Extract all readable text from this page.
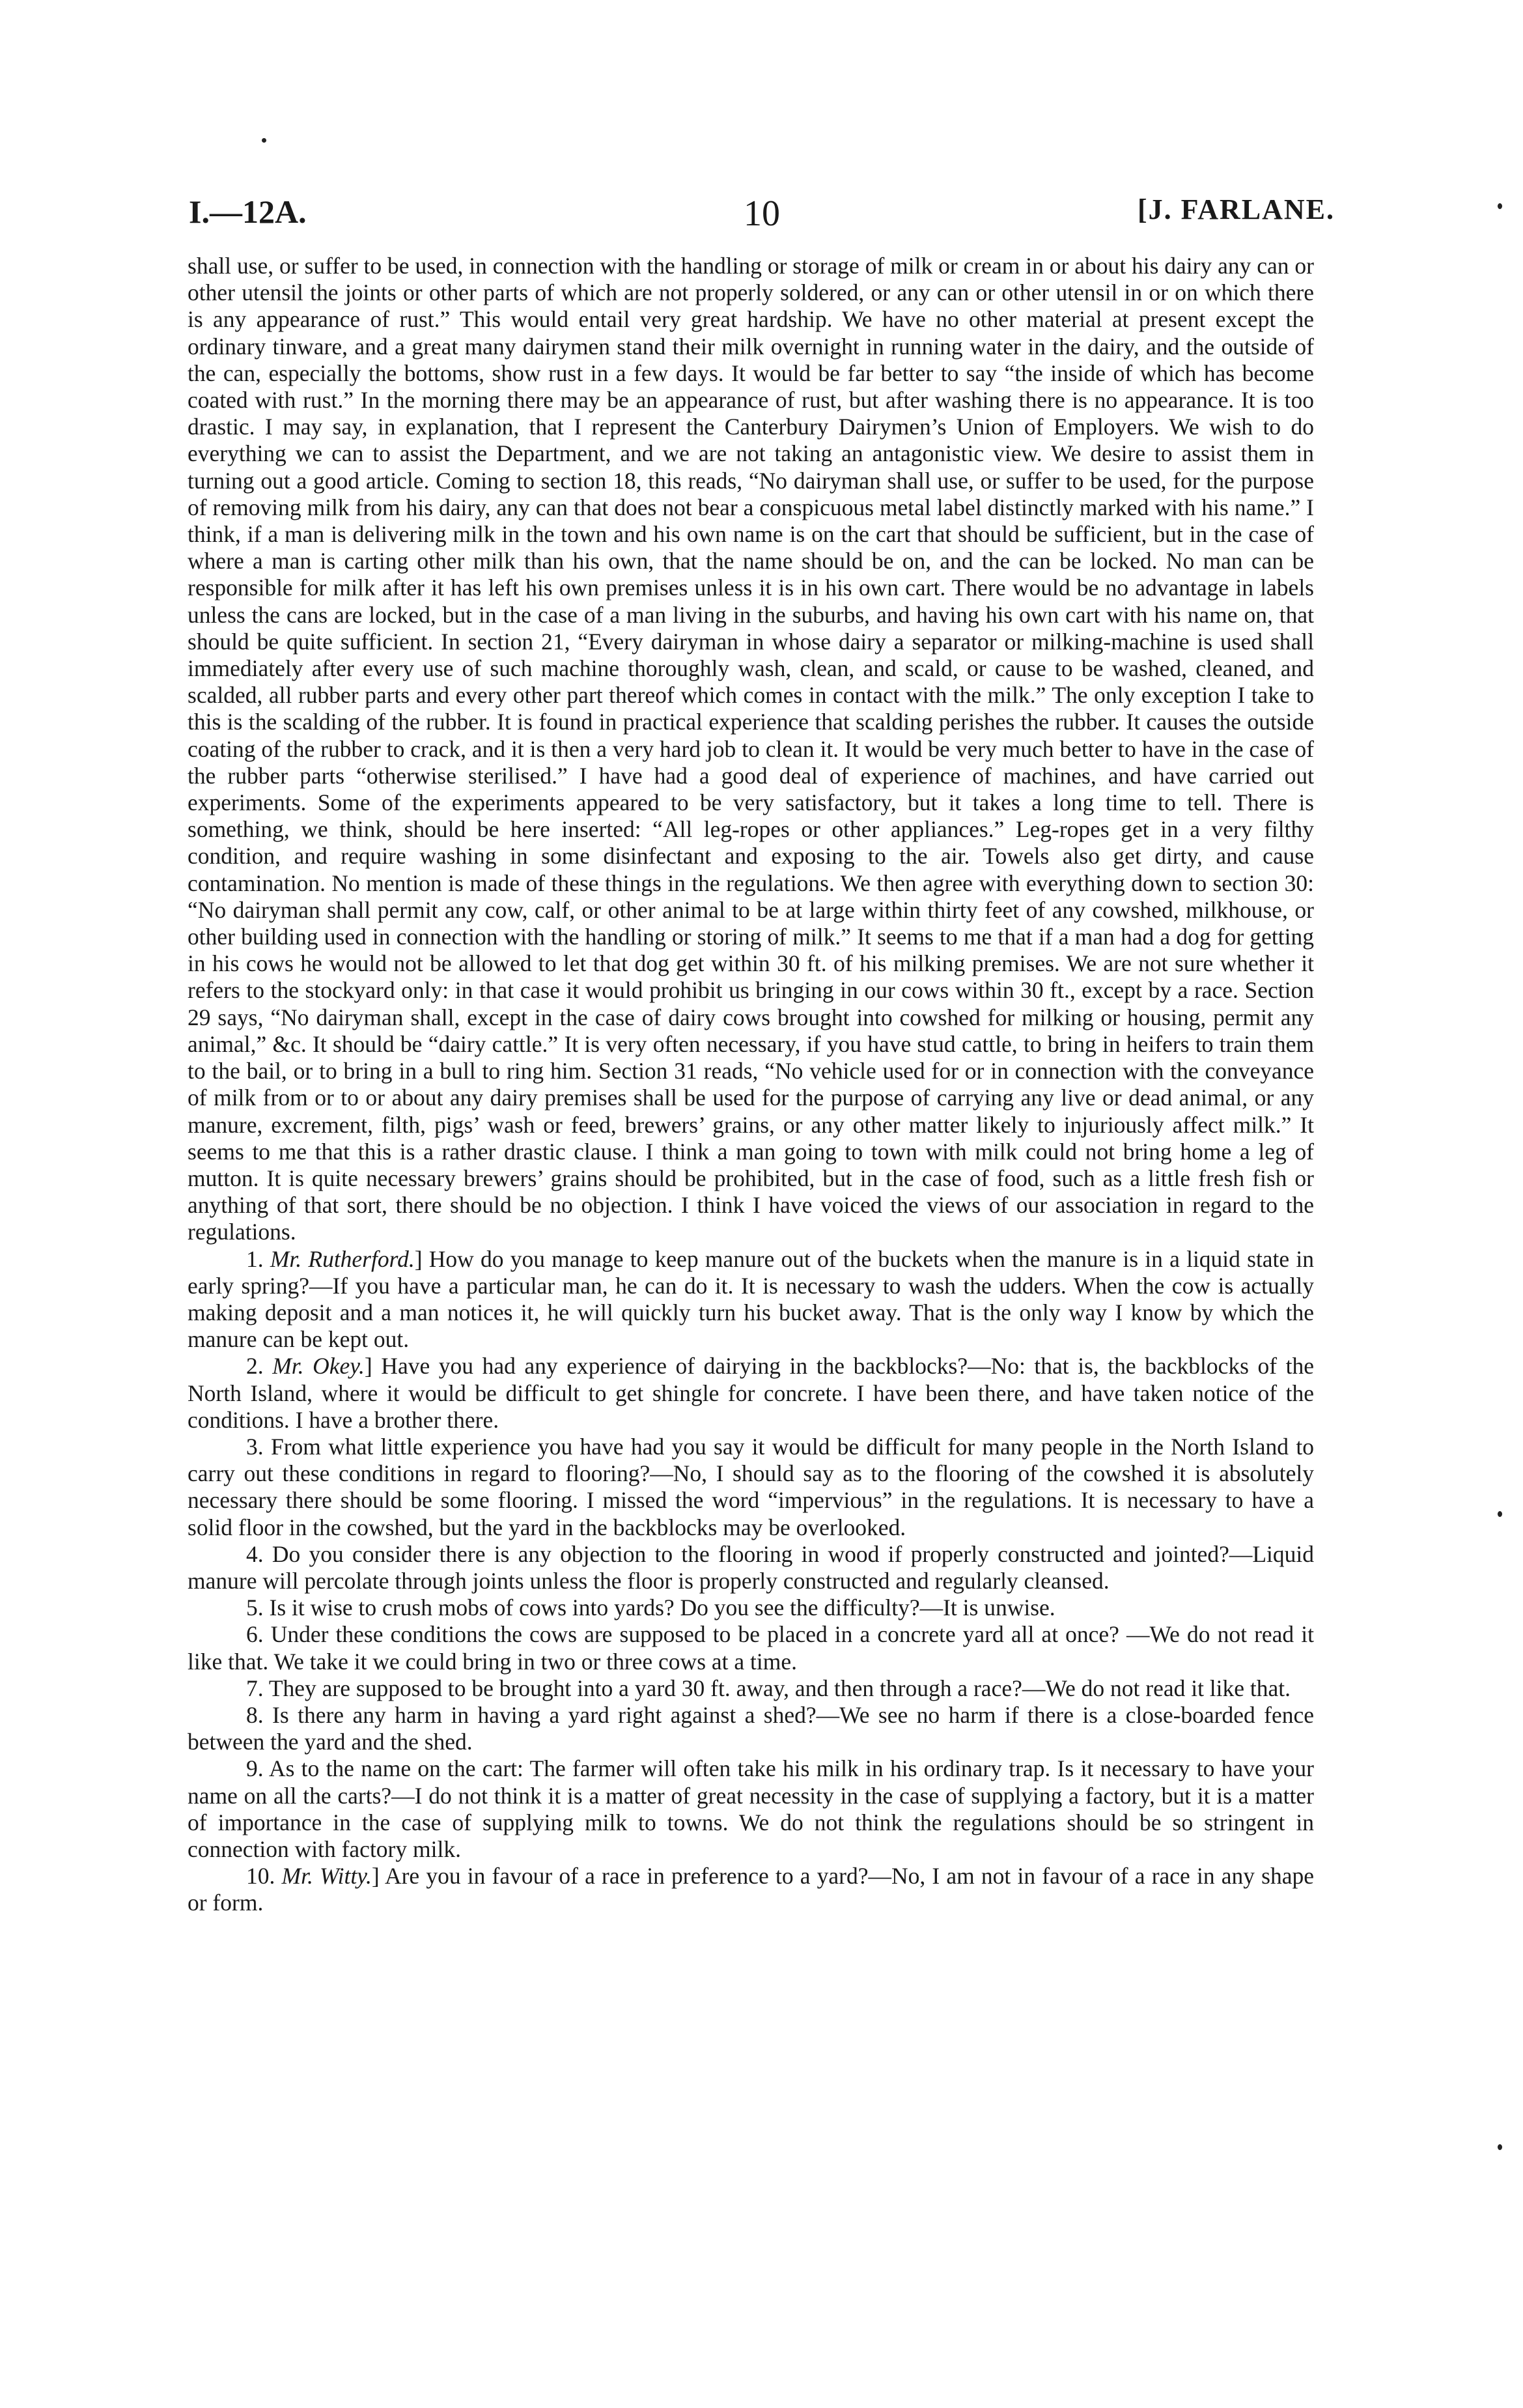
I.—12A.	10	[J. FARLANE.

shall use, or suffer to be used, in connection with the handling or storage of milk or cream in or about his dairy any can or other utensil the joints or other parts of which are not properly soldered, or any can or other utensil in or on which there is any appearance of rust.” This would entail very great hardship. We have no other material at present except the ordinary tinware, and a great many dairymen stand their milk overnight in running water in the dairy, and the outside of the can, especially the bottoms, show rust in a few days. It would be far better to say “the inside of which has become coated with rust.” In the morning there may be an appearance of rust, but after washing there is no appearance. It is too drastic. I may say, in explanation, that I represent the Canterbury Dairymen’s Union of Employers. We wish to do everything we can to assist the Department, and we are not taking an antagonistic view. We desire to assist them in turning out a good article. Coming to section 18, this reads, “No dairyman shall use, or suffer to be used, for the purpose of removing milk from his dairy, any can that does not bear a conspicuous metal label distinctly marked with his name.” I think, if a man is delivering milk in the town and his own name is on the cart that should be sufficient, but in the case of where a man is carting other milk than his own, that the name should be on, and the can be locked. No man can be responsible for milk after it has left his own premises unless it is in his own cart. There would be no advantage in labels unless the cans are locked, but in the case of a man living in the suburbs, and having his own cart with his name on, that should be quite sufficient. In section 21, “Every dairyman in whose dairy a separator or milking-machine is used shall immediately after every use of such machine thoroughly wash, clean, and scald, or cause to be washed, cleaned, and scalded, all rubber parts and every other part thereof which comes in contact with the milk.” The only exception I take to this is the scalding of the rubber. It is found in practical experience that scalding perishes the rubber. It causes the outside coating of the rubber to crack, and it is then a very hard job to clean it. It would be very much better to have in the case of the rubber parts “otherwise sterilised.” I have had a good deal of experience of machines, and have carried out experiments. Some of the experiments appeared to be very satisfactory, but it takes a long time to tell. There is something, we think, should be here inserted: “All leg-ropes or other appliances.” Leg-ropes get in a very filthy condition, and require washing in some disinfectant and exposing to the air. Towels also get dirty, and cause contamination. No mention is made of these things in the regulations. We then agree with everything down to section 30: “No dairyman shall permit any cow, calf, or other animal to be at large within thirty feet of any cowshed, milkhouse, or other building used in connection with the handling or storing of milk.” It seems to me that if a man had a dog for getting in his cows he would not be allowed to let that dog get within 30 ft. of his milking premises. We are not sure whether it refers to the stockyard only: in that case it would prohibit us bringing in our cows within 30 ft., except by a race. Section 29 says, “No dairyman shall, except in the case of dairy cows brought into cowshed for milking or housing, permit any animal,” &c. It should be “dairy cattle.” It is very often necessary, if you have stud cattle, to bring in heifers to train them to the bail, or to bring in a bull to ring him. Section 31 reads, “No vehicle used for or in connection with the conveyance of milk from or to or about any dairy premises shall be used for the purpose of carrying any live or dead animal, or any manure, excrement, filth, pigs’ wash or feed, brewers’ grains, or any other matter likely to injuriously affect milk.” It seems to me that this is a rather drastic clause. I think a man going to town with milk could not bring home a leg of mutton. It is quite necessary brewers’ grains should be prohibited, but in the case of food, such as a little fresh fish or anything of that sort, there should be no objection. I think I have voiced the views of our association in regard to the regulations.

1. Mr. Rutherford.] How do you manage to keep manure out of the buckets when the manure is in a liquid state in early spring?—If you have a particular man, he can do it. It is necessary to wash the udders. When the cow is actually making deposit and a man notices it, he will quickly turn his bucket away. That is the only way I know by which the manure can be kept out.

2. Mr. Okey.] Have you had any experience of dairying in the backblocks?—No: that is, the backblocks of the North Island, where it would be difficult to get shingle for concrete. I have been there, and have taken notice of the conditions. I have a brother there.

3. From what little experience you have had you say it would be difficult for many people in the North Island to carry out these conditions in regard to flooring?—No, I should say as to the flooring of the cowshed it is absolutely necessary there should be some flooring. I missed the word “impervious” in the regulations. It is necessary to have a solid floor in the cowshed, but the yard in the backblocks may be overlooked.

4. Do you consider there is any objection to the flooring in wood if properly constructed and jointed?—Liquid manure will percolate through joints unless the floor is properly constructed and regularly cleansed.

5. Is it wise to crush mobs of cows into yards? Do you see the difficulty?—It is unwise.

6. Under these conditions the cows are supposed to be placed in a concrete yard all at once? —We do not read it like that. We take it we could bring in two or three cows at a time.

7. They are supposed to be brought into a yard 30 ft. away, and then through a race?—We do not read it like that.

8. Is there any harm in having a yard right against a shed?—We see no harm if there is a close-boarded fence between the yard and the shed.

9. As to the name on the cart: The farmer will often take his milk in his ordinary trap. Is it necessary to have your name on all the carts?—I do not think it is a matter of great necessity in the case of supplying a factory, but it is a matter of importance in the case of supplying milk to towns. We do not think the regulations should be so stringent in connection with factory milk.

10. Mr. Witty.] Are you in favour of a race in preference to a yard?—No, I am not in favour of a race in any shape or form.
